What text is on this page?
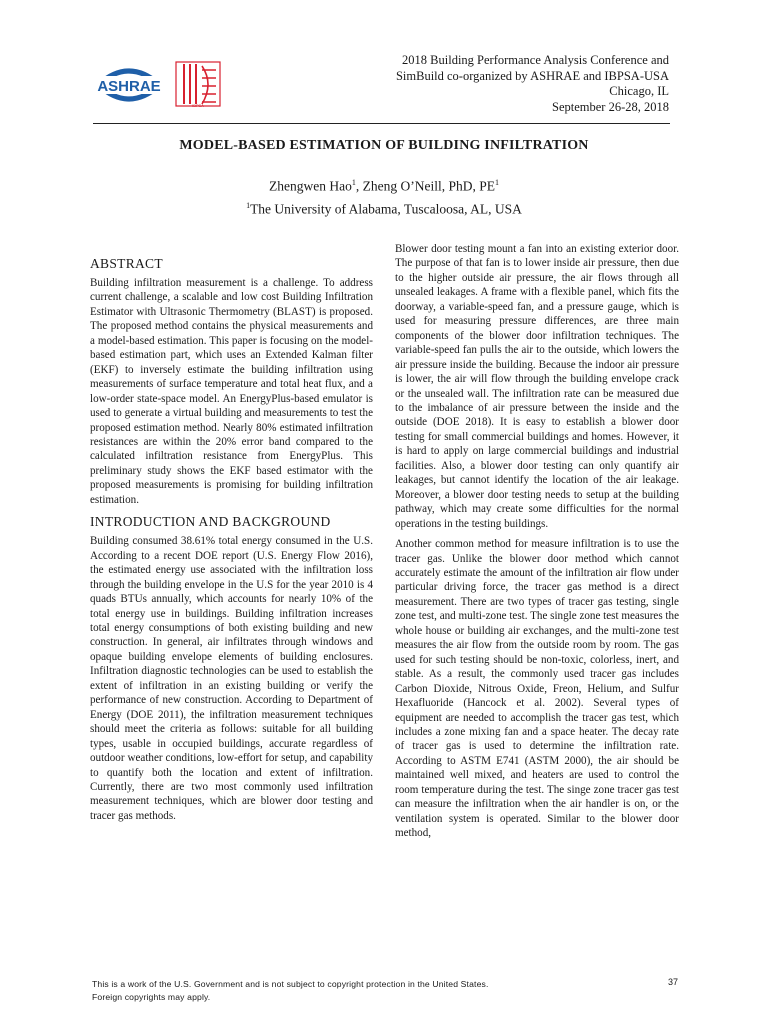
ASHRAE
IBPSA
2018 Building Performance Analysis Conference and
SimBuild co-organized by ASHRAE and IBPSA-USA
Chicago, IL
September 26-28, 2018
MODEL-BASED ESTIMATION OF BUILDING INFILTRATION
Zhengwen Hao$^1$, Zheng O’Neill, PhD, $PE^1$
$^1$The University of Alabama, Tuscaloosa, AL, USA
ABSTRACT

Building infiltration measurement is a challenge. To address current challenge, a scalable and low cost Building Infiltration Estimator with Ultrasonic Thermometry (BLAST) is proposed. The proposed method contains the physical measurements and a model-based estimation. This paper is focusing on the model-based estimation part, which uses an Extended Kalman filter (EKF) to inversely estimate the building infiltration using measurements of surface temperature and total heat flux, and a low-order state-space model. An EnergyPlus-based emulator is used to generate a virtual building and measurements to test the proposed estimation method. Nearly 80% estimated infiltration resistances are within the 20% error band compared to the calculated infiltration resistance from EnergyPlus. This preliminary study shows the EKF based estimator with the proposed measurements is promising for building infiltration estimation.

INTRODUCTION AND BACKGROUND

Building consumed 38.61% total energy consumed in the U.S. According to a recent DOE report (U.S. Energy Flow 2016), the estimated energy use associated with the infiltration loss through the building envelope in the U.S for the year 2010 is 4 quads BTUs annually, which accounts for nearly 10% of the total energy use in buildings. Building infiltration increases total energy consumptions of both existing building and new construction. In general, air infiltrates through windows and opaque building envelope elements of building enclosures. Infiltration diagnostic technologies can be used to establish the extent of infiltration in an existing building or verify the performance of new construction. According to Department of Energy (DOE 2011), the infiltration measurement techniques should meet the criteria as follows: suitable for all building types, usable in occupied buildings, accurate regardless of outdoor weather conditions, low-effort for setup, and capability to quantify both the location and extent of infiltration. Currently, there are two most commonly used infiltration measurement techniques, which are blower door testing and tracer gas methods.

Blower door testing mount a fan into an existing exterior door. The purpose of that fan is to lower inside air pressure, then due to the higher outside air pressure, the air flows through all unsealed leakages. A frame with a flexible panel, which fits the doorway, a variable-speed fan, and a pressure gauge, which is used for measuring pressure differences, are three main components of the blower door infiltration techniques. The variable-speed fan pulls the air to the outside, which lowers the air pressure inside the building. Because the indoor air pressure is lower, the air will flow through the building envelope crack or the unsealed wall. The infiltration rate can be measured due to the imbalance of air pressure between the inside and the outside (DOE 2018). It is easy to establish a blower door testing for small commercial buildings and homes. However, it is hard to apply on large commercial buildings and industrial facilities. Also, a blower door testing can only quantify air leakages, but cannot identify the location of the air leakage. Moreover, a blower door testing needs to setup at the building pathway, which may create some difficulties for the normal operations in the testing buildings.

Another common method for measure infiltration is to use the tracer gas. Unlike the blower door method which cannot accurately estimate the amount of the infiltration air flow under particular driving force, the tracer gas method is a direct measurement. There are two types of tracer gas testing, single zone test, and multi-zone test. The single zone test measures the whole house or building air exchanges, and the multi-zone test measures the air flow from the outside room by room. The gas used for such testing should be non-toxic, colorless, inert, and stable. As a result, the commonly used tracer gas includes Carbon Dioxide, Nitrous Oxide, Freon, Helium, and Sulfur Hexafluoride (Hancock et al. 2002). Several types of equipment are needed to accomplish the tracer gas test, which includes a zone mixing fan and a space heater. The decay rate of tracer gas is used to determine the infiltration rate. According to ASTM E741 (ASTM 2000), the air should be maintained well mixed, and heaters are used to control the room temperature during the test. The singe zone tracer gas test can measure the infiltration when the air handler is on, or the ventilation system is operated. Similar to the blower door method,

This is a work of the U.S. Government and is not subject to copyright protection in the United States.
Foreign copyrights may apply.
37
